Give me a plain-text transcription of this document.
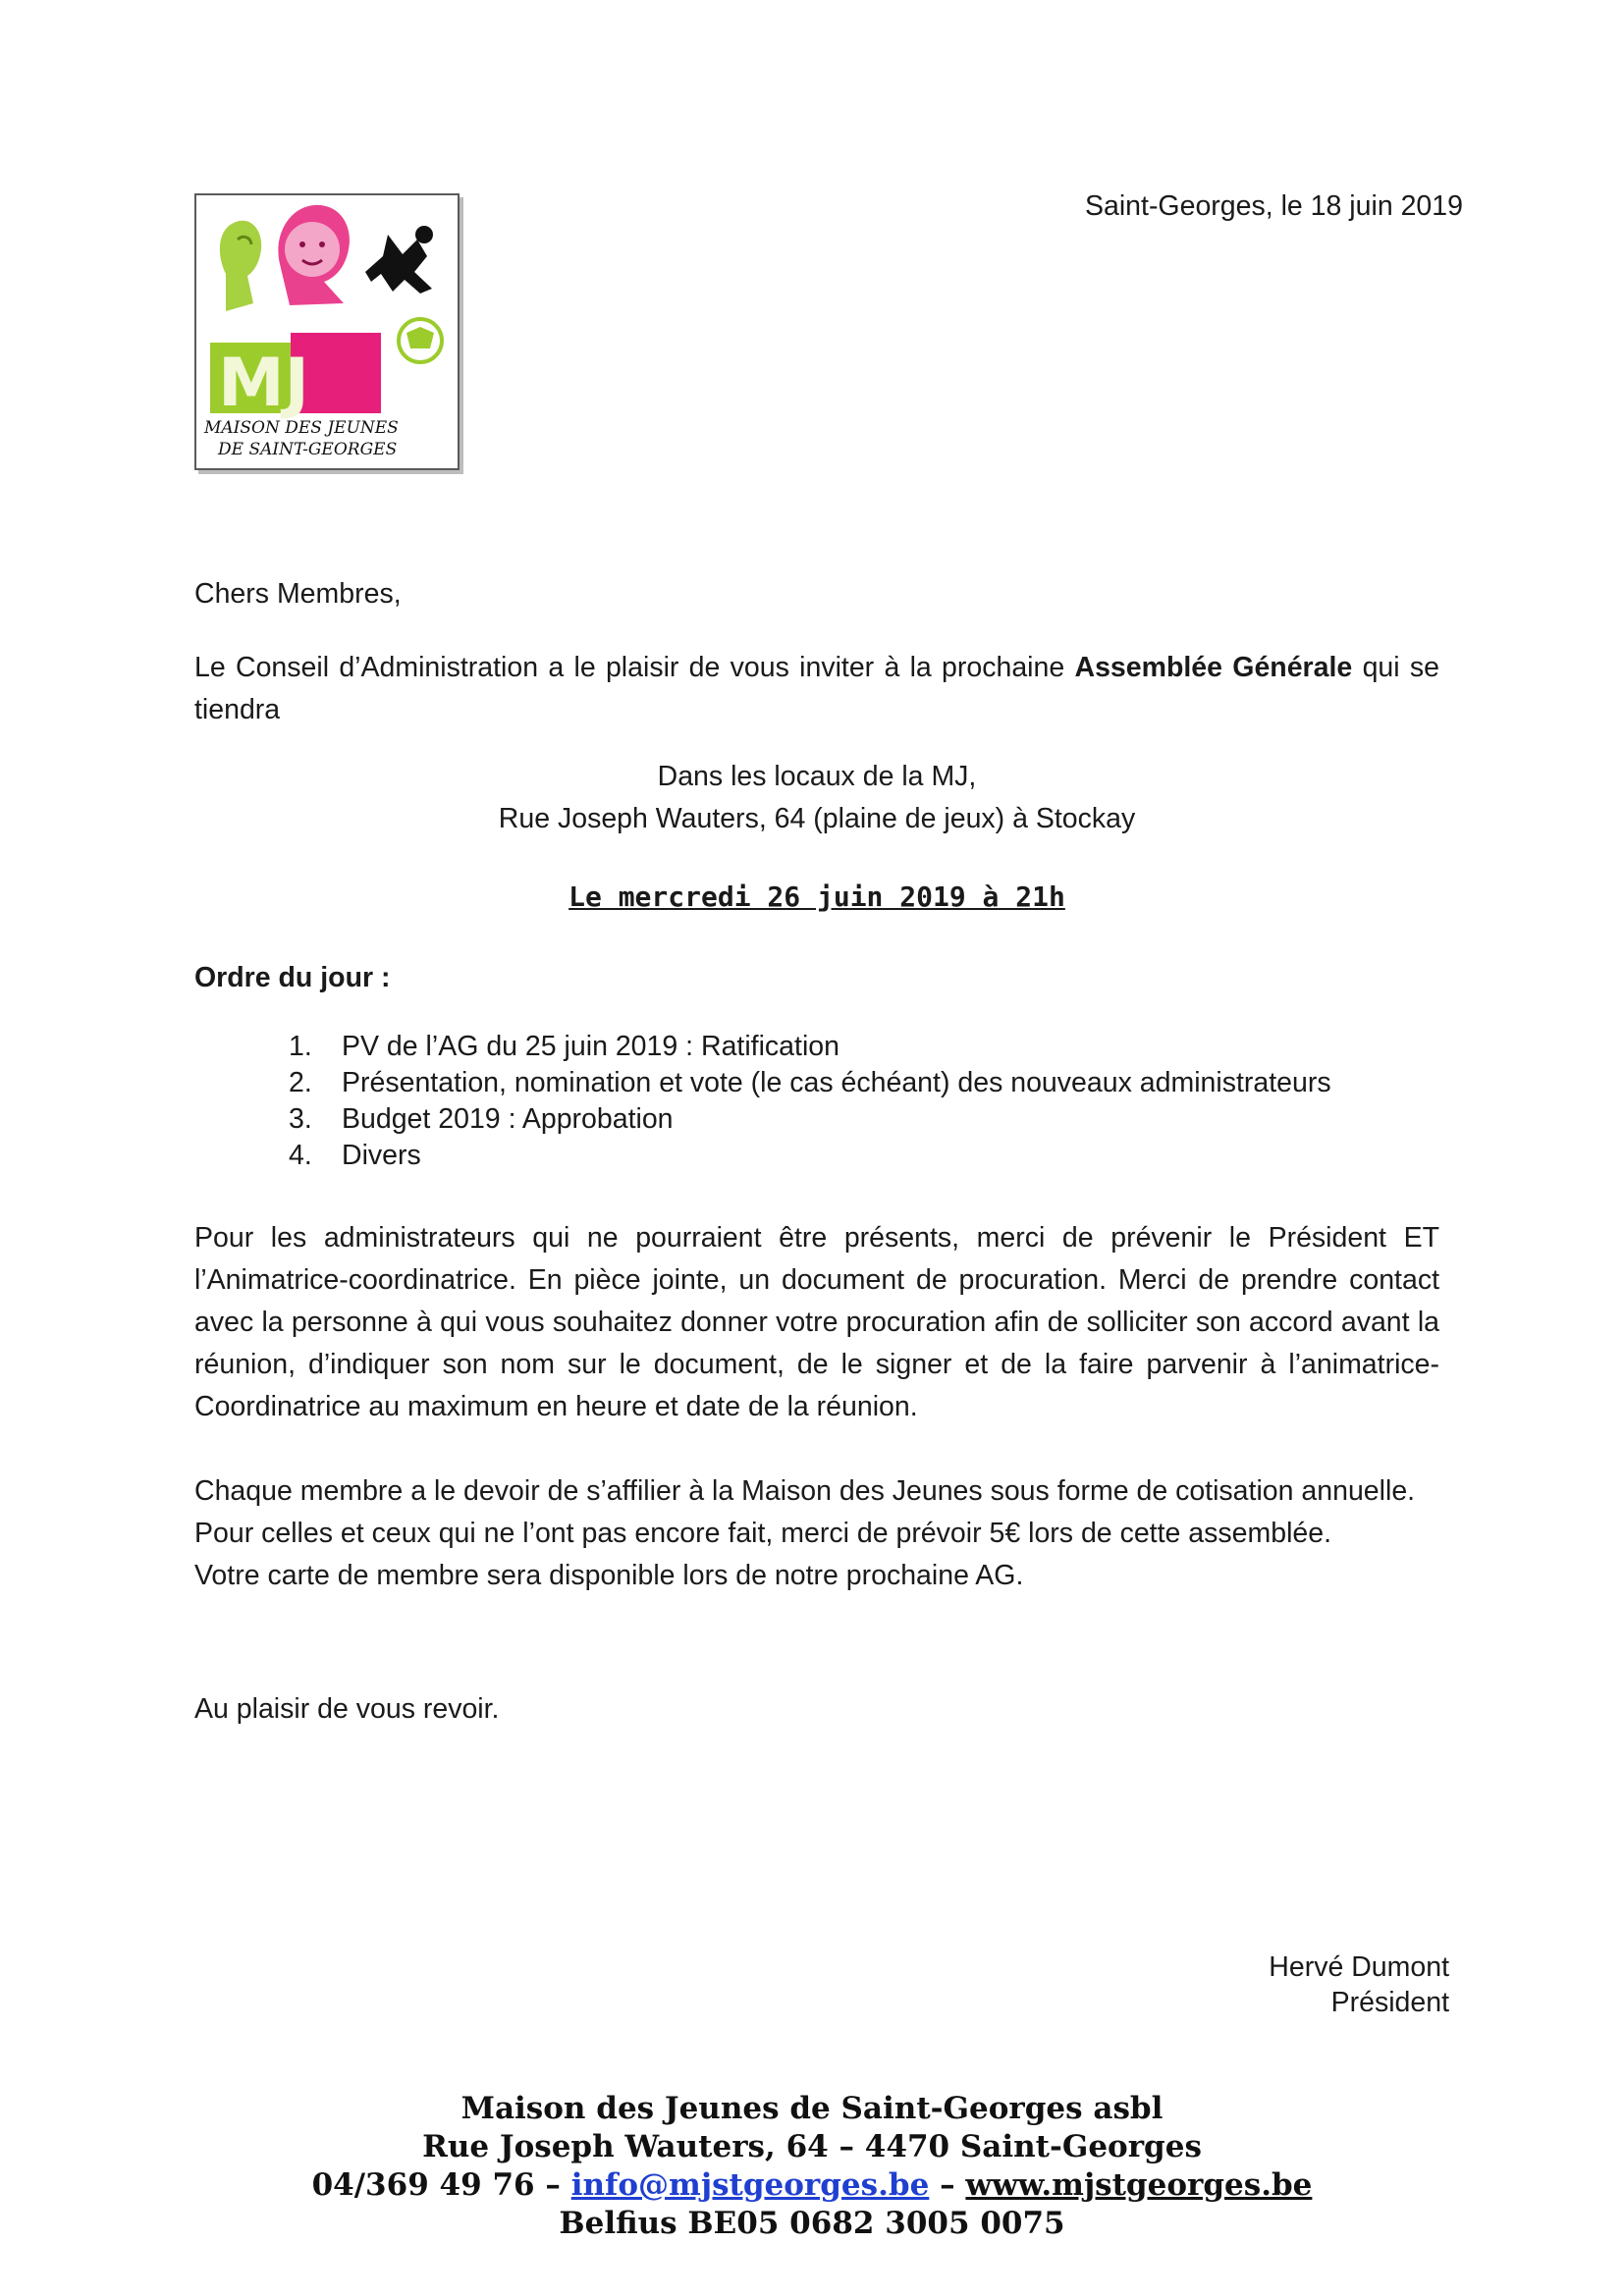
MJ
MAISON DES JEUNES
DE SAINT-GEORGES
Saint-Georges, le 18 juin 2019
Chers Membres,
Le Conseil d’Administration a le plaisir de vous inviter à la prochaine Assemblée Générale qui se tiendra
Dans les locaux de la MJ,
Rue Joseph Wauters, 64 (plaine de jeux) à Stockay
Le mercredi 26 juin 2019 à 21h
Ordre du jour :
1. PV de l’AG du 25 juin 2019 : Ratification
2. Présentation, nomination et vote (le cas échéant) des nouveaux administrateurs
3. Budget 2019 : Approbation
4. Divers
Pour les administrateurs qui ne pourraient être présents, merci de prévenir le Président ET l’Animatrice-coordinatrice. En pièce jointe, un document de procuration. Merci de prendre contact avec la personne à qui vous souhaitez donner votre procuration afin de solliciter son accord avant la réunion, d’indiquer son nom sur le document, de le signer et de la faire parvenir à l’animatrice-Coordinatrice au maximum en heure et date de la réunion.
Chaque membre a le devoir de s’affilier à la Maison des Jeunes sous forme de cotisation annuelle.
Pour celles et ceux qui ne l’ont pas encore fait, merci de prévoir 5€ lors de cette assemblée.
Votre carte de membre sera disponible lors de notre prochaine AG.
Au plaisir de vous revoir.
Hervé Dumont
Président
Maison des Jeunes de Saint-Georges asbl
Rue Joseph Wauters, 64 – 4470 Saint-Georges
04/369 49 76 – info@mjstgeorges.be – www.mjstgeorges.be
Belfius BE05 0682 3005 0075
